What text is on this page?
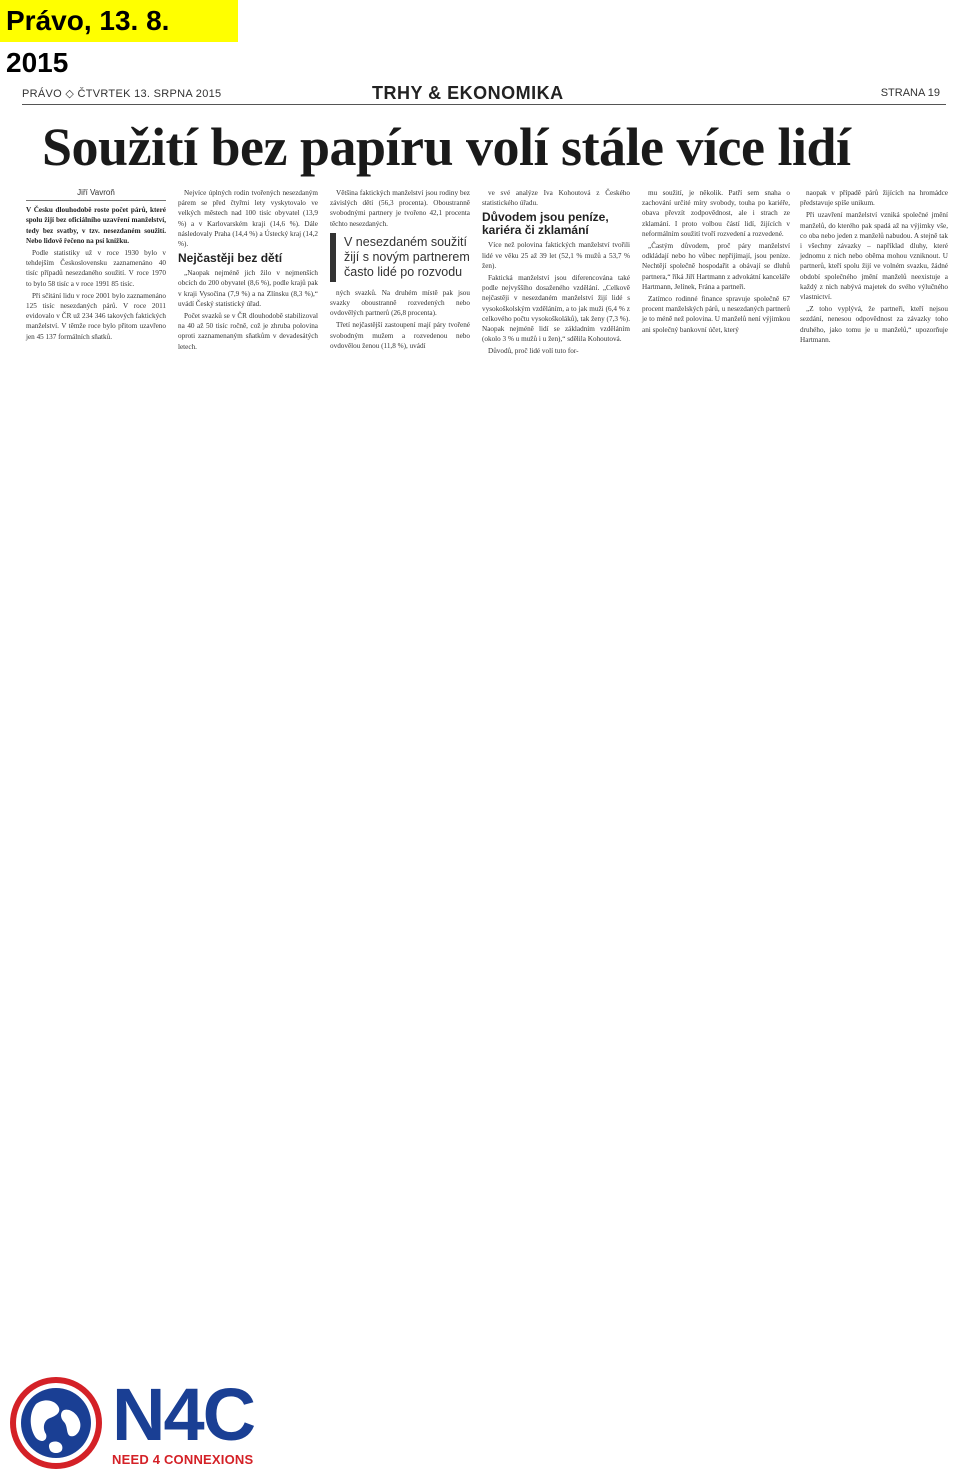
Právo, 13. 8. 2015
PRÁVO ◇ ČTVRTEK 13. SRPNA 2015	TRHY & EKONOMIKA	STRANA 19
Soužití bez papíru volí stále více lidí

Jiří Vavroň

V Česku dlouhodobě roste počet párů, které spolu žijí bez oficiálního uzavření manželství, tedy bez svatby, v tzv. nesezdaném soužití. Nebo lidově řečeno na psí knížku.

Podle statistiky už v roce 1930 bylo v tehdejším Československu zaznamenáno 40 tisíc případů nesezdaného soužití. V roce 1970 to bylo 58 tisíc a v roce 1991 85 tisíc.

Při sčítání lidu v roce 2001 bylo zaznamenáno 125 tisíc nesezdaných párů. V roce 2011 evidovalo v ČR už 234 346 takových faktických manželství. V těmže roce bylo přitom uzavřeno jen 45 137 formálních sňatků.

Nejvíce úplných rodin tvořených nesezdaným párem se před čtyřmi lety vyskytovalo ve velkých městech nad 100 tisíc obyvatel (13,9 %) a v Karlovarském kraji (14,6 %). Dále následovaly Praha (14,4 %) a Ústecký kraj (14,2 %).

Nejčastěji bez dětí

„Naopak nejméně jich žilo v nejmenších obcích do 200 obyvatel (8,6 %), podle krajů pak v kraji Vysočina (7,9 %) a na Zlínsku (8,3 %),“ uvádí Český statistický úřad.

Počet svazků se v ČR dlouhodobě stabilizoval na 40 až 50 tisíc ročně, což je zhruba polovina oproti zaznamenaným sňatkům v devadesátých letech.

Většina faktických manželství jsou rodiny bez závislých dětí (56,3 procenta). Oboustranně svobodnými partnery je tvořeno 42,1 procenta těchto nesezdaných.

V nesezdaném soužití žijí s novým partnerem často lidé po rozvodu

ných svazků. Na druhém místě pak jsou svazky oboustranně rozvedených nebo ovdovělých partnerů (26,8 procenta).

Třetí nejčastější zastoupení mají páry tvořené svobodným mužem a rozvedenou nebo ovdovělou ženou (11,8 %), uvádí

ve své analýze Iva Kohoutová z Českého statistického úřadu.

Důvodem jsou peníze, kariéra či zklamání

Více než polovina faktických manželství tvořili lidé ve věku 25 až 39 let (52,1 % mužů a 53,7 % žen).

Faktická manželství jsou diferencována také podle nejvyššího dosaženého vzdělání. „Celkově nejčastěji v nesezdaném manželství žijí lidé s vysokoškolským vzděláním, a to jak muži (6,4 % z celkového počtu vysokoškoláků), tak ženy (7,3 %). Naopak nejméně lidí se základním vzděláním (okolo 3 % u mužů i u žen),“ sdělila Kohoutová.

Důvodů, proč lidé volí tuto for-

mu soužití, je několik. Patří sem snaha o zachování určité míry svobody, touha po kariéře, obava převzít zodpovědnost, ale i strach ze zklamání. I proto volbou částí lidí, žijících v neformálním soužití tvoří rozvedení a rozvedené.

„Častým důvodem, proč páry manželství odkládají nebo ho vůbec nepřijímají, jsou peníze. Nechtějí společně hospodařit a obávají se dluhů partnera,“ říká Jiří Hartmann z advokátní kanceláře Hartmann, Jelínek, Frána a partneři.

Zatímco rodinné finance spravuje společně 67 procent manželských párů, u nesezdaných partnerů je to méně než polovina. U manželů není výjimkou ani společný bankovní účet, který

naopak v případě párů žijících na hromádce představuje spíše unikum.

Při uzavření manželství vzniká společné jmění manželů, do kterého pak spadá až na výjimky vše, co oba nebo jeden z manželů nabudou. A stejně tak i všechny závazky – například dluhy, které jednomu z nich nebo oběma mohou vzniknout. U partnerů, kteří spolu žijí ve volném svazku, žádné období společného jmění manželů neexistuje a každý z nich nabývá majetek do svého výlučného vlastnictví.

„Z toho vyplývá, že partneři, kteří nejsou sezdání, nenesou odpovědnost za závazky toho druhého, jako tomu je u manželů,“ upozorňuje Hartmann.

N4C
NEED 4 CONNEXIONS
